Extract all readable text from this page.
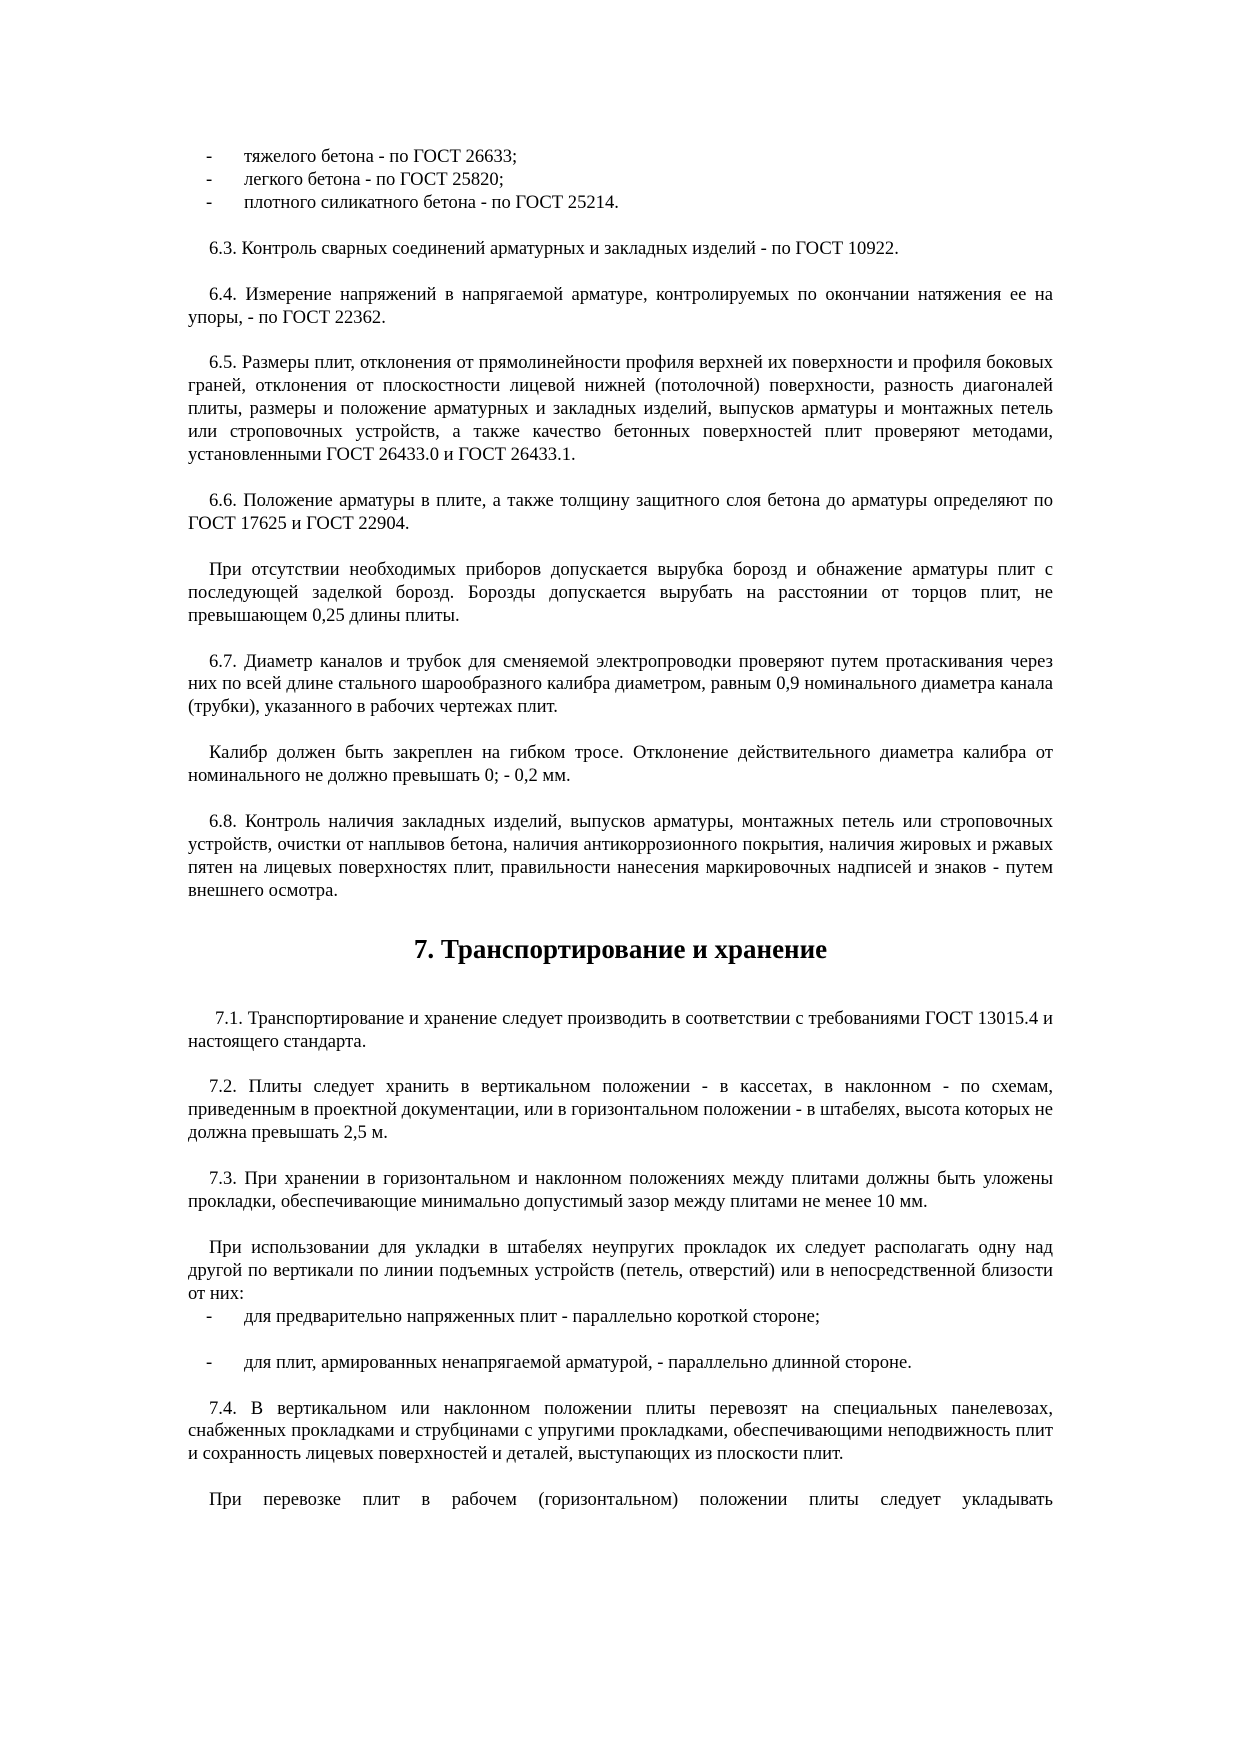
- тяжелого бетона - по ГОСТ 26633;

- легкого бетона - по ГОСТ 25820;

- плотного силикатного бетона - по ГОСТ 25214.

6.3. Контроль сварных соединений арматурных и закладных изделий - по ГОСТ 10922.

6.4. Измерение напряжений в напрягаемой арматуре, контролируемых по окончании натяжения ее на упоры, - по ГОСТ 22362.

6.5. Размеры плит, отклонения от прямолинейности профиля верхней их поверхности и профиля боковых граней, отклонения от плоскостности лицевой нижней (потолочной) поверхности, разность диагоналей плиты, размеры и положение арматурных и закладных изделий, выпусков арматуры и монтажных петель или строповочных устройств, а также качество бетонных поверхностей плит проверяют методами, установленными ГОСТ 26433.0 и ГОСТ 26433.1.

6.6. Положение арматуры в плите, а также толщину защитного слоя бетона до арматуры определяют по ГОСТ 17625 и ГОСТ 22904.

При отсутствии необходимых приборов допускается вырубка борозд и обнажение арматуры плит с последующей заделкой борозд. Борозды допускается вырубать на расстоянии от торцов плит, не превышающем 0,25 длины плиты.

6.7. Диаметр каналов и трубок для сменяемой электропроводки проверяют путем протаскивания через них по всей длине стального шарообразного калибра диаметром, равным 0,9 номинального диаметра канала (трубки), указанного в рабочих чертежах плит.

Калибр должен быть закреплен на гибком тросе. Отклонение действительного диаметра калибра от номинального не должно превышать 0; - 0,2 мм.

6.8. Контроль наличия закладных изделий, выпусков арматуры, монтажных петель или строповочных устройств, очистки от наплывов бетона, наличия антикоррозионного покрытия, наличия жировых и ржавых пятен на лицевых поверхностях плит, правильности нанесения маркировочных надписей и знаков - путем внешнего осмотра.

7. Транспортирование и хранение

7.1. Транспортирование и хранение следует производить в соответствии с требованиями ГОСТ 13015.4 и настоящего стандарта.

7.2. Плиты следует хранить в вертикальном положении - в кассетах, в наклонном - по схемам, приведенным в проектной документации, или в горизонтальном положении - в штабелях, высота которых не должна превышать 2,5 м.

7.3. При хранении в горизонтальном и наклонном положениях между плитами должны быть уложены прокладки, обеспечивающие минимально допустимый зазор между плитами не менее 10 мм.

При использовании для укладки в штабелях неупругих прокладок их следует располагать одну над другой по вертикали по линии подъемных устройств (петель, отверстий) или в непосредственной близости от них:

- для предварительно напряженных плит - параллельно короткой стороне;

- для плит, армированных ненапрягаемой арматурой, - параллельно длинной стороне.

7.4. В вертикальном или наклонном положении плиты перевозят на специальных панелевозах, снабженных прокладками и струбцинами с упругими прокладками, обеспечивающими неподвижность плит и сохранность лицевых поверхностей и деталей, выступающих из плоскости плит.

При перевозке плит в рабочем (горизонтальном) положении плиты следует укладывать
